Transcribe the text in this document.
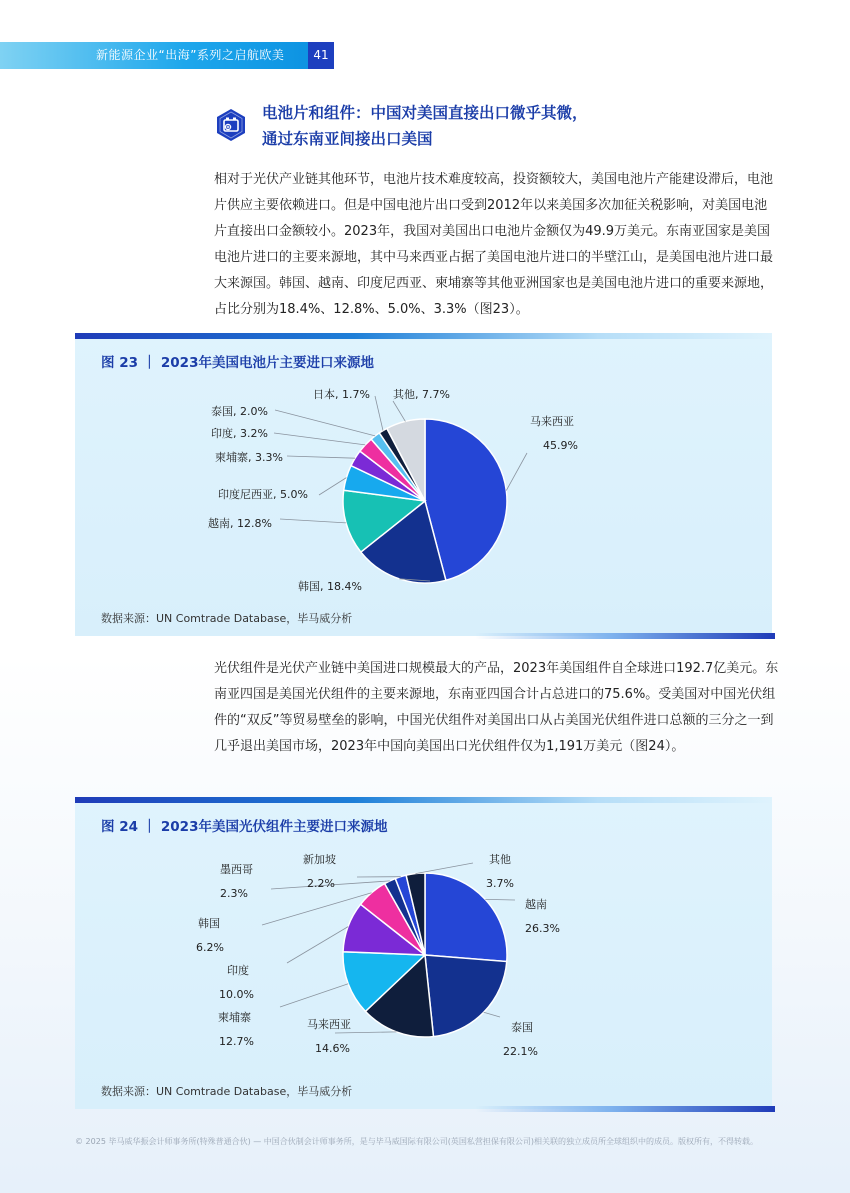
新能源企业“出海”系列之启航欧美	41
电池片和组件：中国对美国直接出口微乎其微，
通过东南亚间接出口美国
相对于光伏产业链其他环节，电池片技术难度较高，投资额较大，美国电池片产能建设滞后，电池片供应主要依赖进口。但是中国电池片出口受到2012年以来美国多次加征关税影响，对美国电池片直接出口金额较小。2023年，我国对美国出口电池片金额仅为49.9万美元。东南亚国家是美国电池片进口的主要来源地，其中马来西亚占据了美国电池片进口的半壁江山，是美国电池片进口最大来源国。韩国、越南、印度尼西亚、柬埔寨等其他亚洲国家也是美国电池片进口的重要来源地，占比分别为18.4%、12.8%、5.0%、3.3%（图23）。
图 23 ｜ 2023年美国电池片主要进口来源地
马来西亚
45.9%
韩国, 18.4%
越南, 12.8%
印度尼西亚, 5.0%
柬埔寨, 3.3%
印度, 3.2%
泰国, 2.0%
日本, 1.7% 其他, 7.7%
数据来源：UN Comtrade Database，毕马威分析
光伏组件是光伏产业链中美国进口规模最大的产品，2023年美国组件自全球进口192.7亿美元。东南亚四国是美国光伏组件的主要来源地，东南亚四国合计占总进口的75.6%。受美国对中国光伏组件的“双反”等贸易壁垒的影响，中国光伏组件对美国出口从占美国光伏组件进口总额的三分之一到几乎退出美国市场，2023年中国向美国出口光伏组件仅为1,191万美元（图24）。
图 24 ｜ 2023年美国光伏组件主要进口来源地
越南
26.3%
泰国
22.1%
马来西亚
14.6%
柬埔寨
12.7%
印度
10.0%
韩国
6.2%
墨西哥
2.3%
新加坡
2.2%
其他
3.7%
数据来源：UN Comtrade Database，毕马威分析
© 2025 毕马威华振会计师事务所(特殊普通合伙) — 中国合伙制会计师事务所，是与毕马威国际有限公司(英国私营担保有限公司)相关联的独立成员所全球组织中的成员。版权所有，不得转载。
